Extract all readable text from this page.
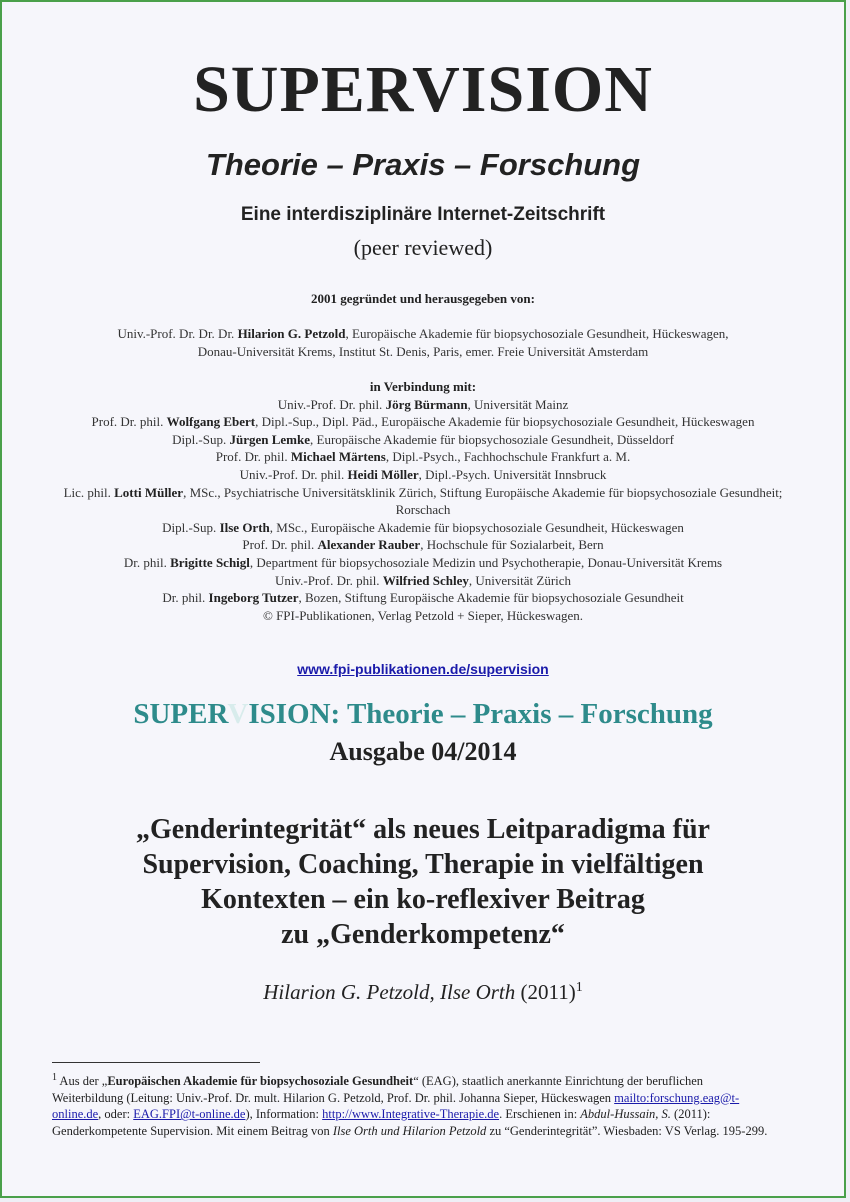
SUPERVISION
Theorie – Praxis – Forschung
Eine interdisziplinäre Internet-Zeitschrift
(peer reviewed)
2001 gegründet und herausgegeben von:
Univ.-Prof. Dr. Dr. Dr. Hilarion G. Petzold, Europäische Akademie für biopsychosoziale Gesundheit, Hückeswagen,
Donau-Universität Krems, Institut St. Denis, Paris, emer. Freie Universität Amsterdam
in Verbindung mit:
Univ.-Prof. Dr. phil. Jörg Bürmann, Universität Mainz
Prof. Dr. phil. Wolfgang Ebert, Dipl.-Sup., Dipl. Päd., Europäische Akademie für biopsychosoziale Gesundheit, Hückeswagen
Dipl.-Sup. Jürgen Lemke, Europäische Akademie für biopsychosoziale Gesundheit, Düsseldorf
Prof. Dr. phil. Michael Märtens, Dipl.-Psych., Fachhochschule Frankfurt a. M.
Univ.-Prof. Dr. phil. Heidi Möller, Dipl.-Psych. Universität Innsbruck
Lic. phil. Lotti Müller, MSc., Psychiatrische Universitätsklinik Zürich, Stiftung Europäische Akademie für biopsychosoziale Gesundheit; Rorschach
Dipl.-Sup. Ilse Orth, MSc., Europäische Akademie für biopsychosoziale Gesundheit, Hückeswagen
Prof. Dr. phil. Alexander Rauber, Hochschule für Sozialarbeit, Bern
Dr. phil. Brigitte Schigl, Department für biopsychosoziale Medizin und Psychotherapie, Donau-Universität Krems
Univ.-Prof. Dr. phil. Wilfried Schley, Universität Zürich
Dr. phil. Ingeborg Tutzer, Bozen, Stiftung Europäische Akademie für biopsychosoziale Gesundheit
© FPI-Publikationen, Verlag Petzold + Sieper, Hückeswagen.
www.fpi-publikationen.de/supervision
SUPERVISION: Theorie – Praxis – Forschung
Ausgabe 04/2014
„Genderintegrität“ als neues Leitparadigma für
Supervision, Coaching, Therapie in vielfältigen
Kontexten – ein ko-reflexiver Beitrag
zu „Genderkompetenz“
Hilarion G. Petzold, Ilse Orth $(2011)^1$
$^1$ Aus der „Europäischen Akademie für biopsychosoziale Gesundheit“ (EAG), staatlich anerkannte Einrichtung der beruflichen Weiterbildung (Leitung: Univ.-Prof. Dr. mult. Hilarion G. Petzold, Prof. Dr. phil. Johanna Sieper, Hückeswagen mailto:forschung.eag@t-online.de, oder: EAG.FPI@t-online.de), Information: http://www.Integrative-Therapie.de. Erschienen in: Abdul-Hussain, S. (2011): Genderkompetente Supervision. Mit einem Beitrag von Ilse Orth und Hilarion Petzold zu “Genderintegrität”. Wiesbaden: VS Verlag. 195-299.
